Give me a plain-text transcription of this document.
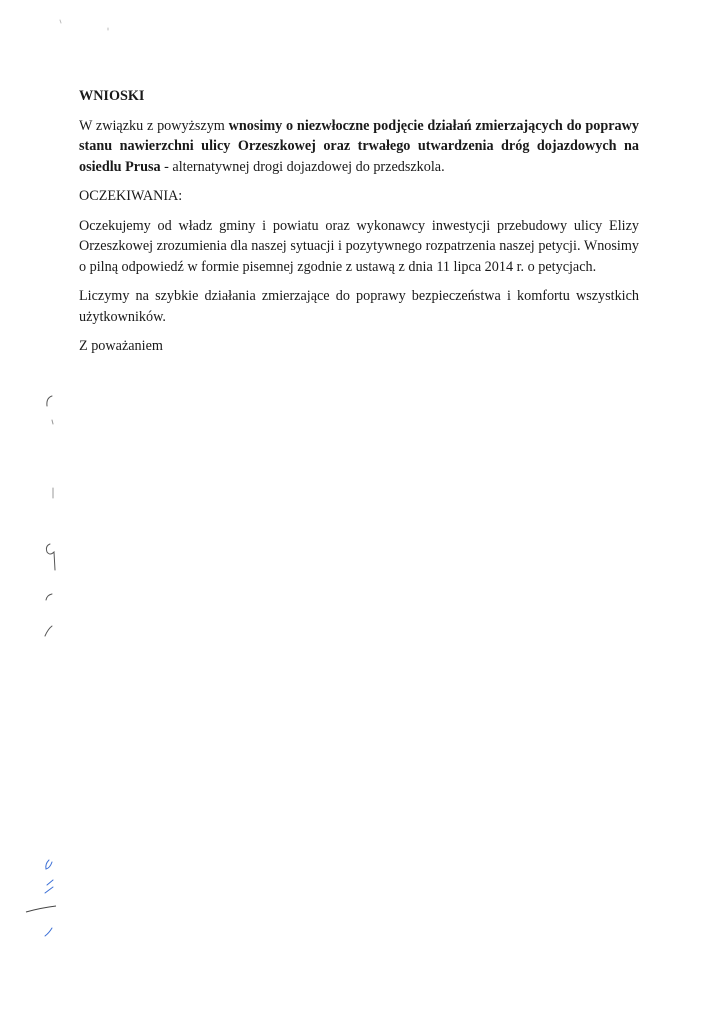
WNIOSKI

W związku z powyższym wnosimy o niezwłoczne podjęcie działań zmierzających do poprawy stanu nawierzchni ulicy Orzeszkowej oraz trwałego utwardzenia dróg dojazdowych na osiedlu Prusa - alternatywnej drogi dojazdowej do przedszkola.

OCZEKIWANIA:

Oczekujemy od władz gminy i powiatu oraz wykonawcy inwestycji przebudowy ulicy Elizy Orzeszkowej zrozumienia dla naszej sytuacji i pozytywnego rozpatrzenia naszej petycji. Wnosimy o pilną odpowiedź w formie pisemnej zgodnie z ustawą z dnia 11 lipca 2014 r. o petycjach.

Liczymy na szybkie działania zmierzające do poprawy bezpieczeństwa i komfortu wszystkich użytkowników.

Z poważaniem
